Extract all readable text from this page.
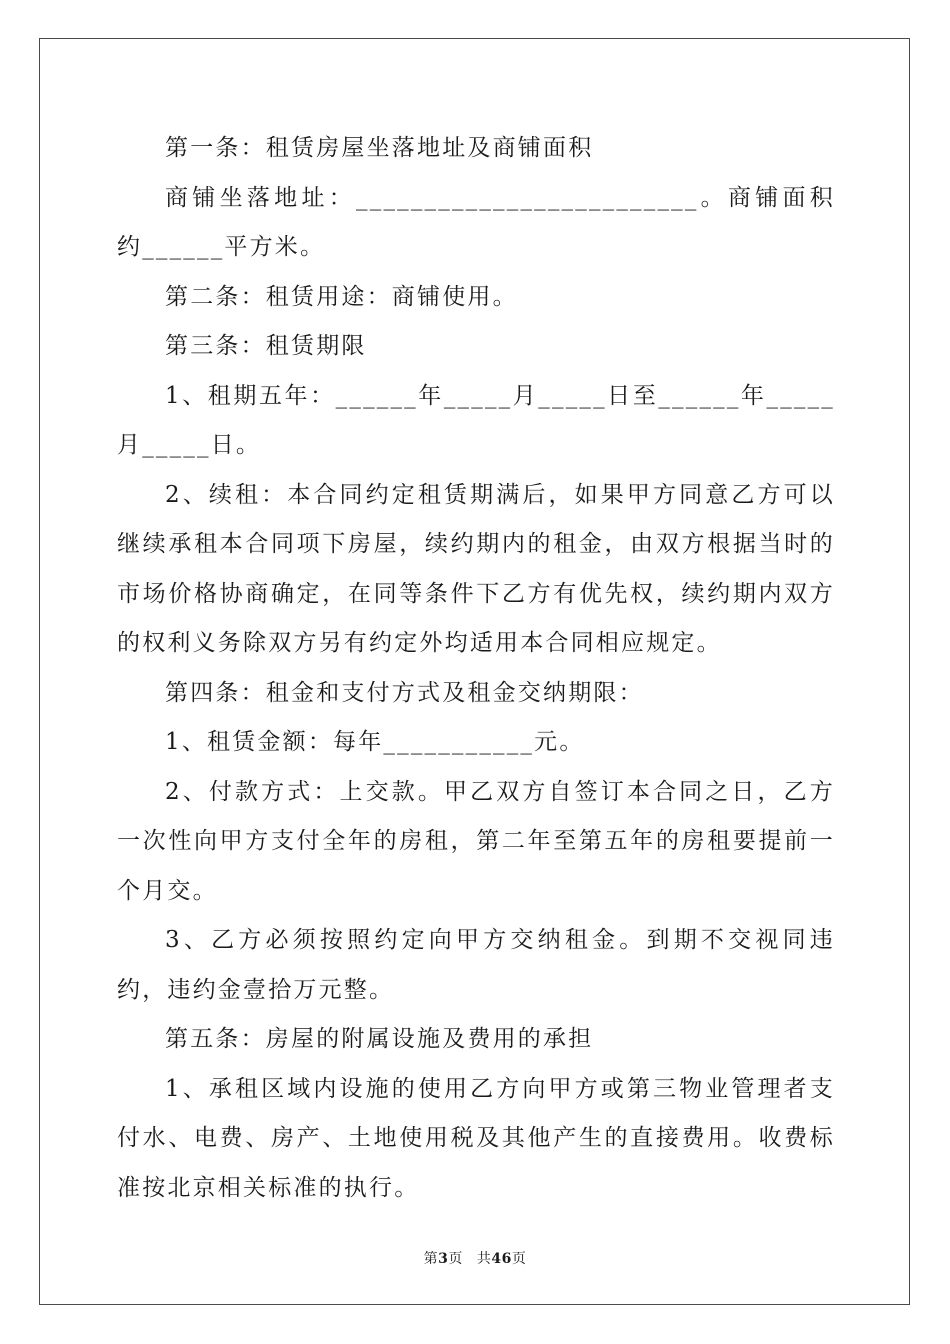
第一条：租赁房屋坐落地址及商铺面积

商铺坐落地址：_________________________。商铺面积约______平方米。

第二条：租赁用途：商铺使用。

第三条：租赁期限

1、租期五年：______年_____月_____日至______年_____月_____日。

2、续租：本合同约定租赁期满后，如果甲方同意乙方可以继续承租本合同项下房屋，续约期内的租金，由双方根据当时的市场价格协商确定，在同等条件下乙方有优先权，续约期内双方的权利义务除双方另有约定外均适用本合同相应规定。

第四条：租金和支付方式及租金交纳期限：

1、租赁金额：每年___________元。

2、付款方式：上交款。甲乙双方自签订本合同之日，乙方一次性向甲方支付全年的房租，第二年至第五年的房租要提前一个月交。

3、乙方必须按照约定向甲方交纳租金。到期不交视同违约，违约金壹拾万元整。

第五条：房屋的附属设施及费用的承担

1、承租区域内设施的使用乙方向甲方或第三物业管理者支付水、电费、房产、土地使用税及其他产生的直接费用。收费标准按北京相关标准的执行。

第3页 共46页
